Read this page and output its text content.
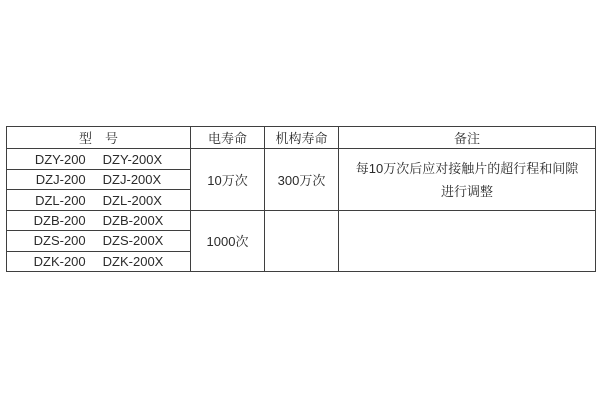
型　号	电寿命	机构寿命	备注
DZY-200 DZY-200X	10万次	300万次	每10万次后应对接触片的超行程和间隙
进行调整

DZJ-200 DZJ-200X			
DZL-200 DZL-200X			
DZB-200 DZB-200X	1000次		
DZS-200 DZS-200X			
DZK-200 DZK-200X			
